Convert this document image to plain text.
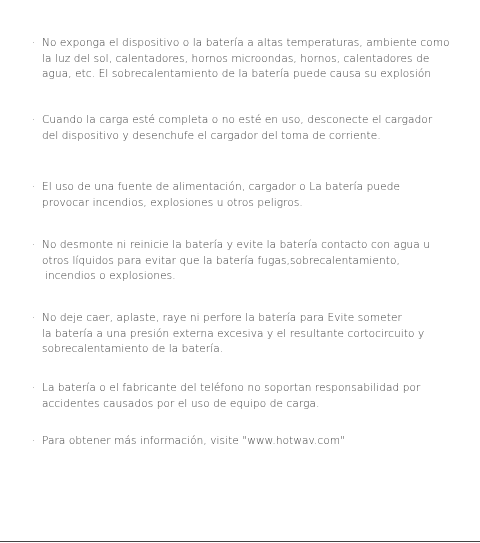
· No exponga el dispositivo o la batería a altas temperaturas, ambiente como
la luz del sol, calentadores, hornos microondas, hornos, calentadores de
agua, etc. El sobrecalentamiento de la batería puede causa su explosión
· Cuando la carga esté completa o no esté en uso, desconecte el cargador
del dispositivo y desenchufe el cargador del toma de corriente.
· El uso de una fuente de alimentación, cargador o La batería puede
provocar incendios, explosiones u otros peligros.
· No desmonte ni reinicie la batería y evite la batería contacto con agua u
otros líquidos para evitar que la batería fugas,sobrecalentamiento,
incendios o explosiones.
· No deje caer, aplaste, raye ni perfore la batería para Evite someter
la batería a una presión externa excesiva y el resultante cortocircuito y
sobrecalentamiento de la batería.
· La batería o el fabricante del teléfono no soportan responsabilidad por
accidentes causados por el uso de equipo de carga.
· Para obtener más información, visite "www.hotwav.com"
